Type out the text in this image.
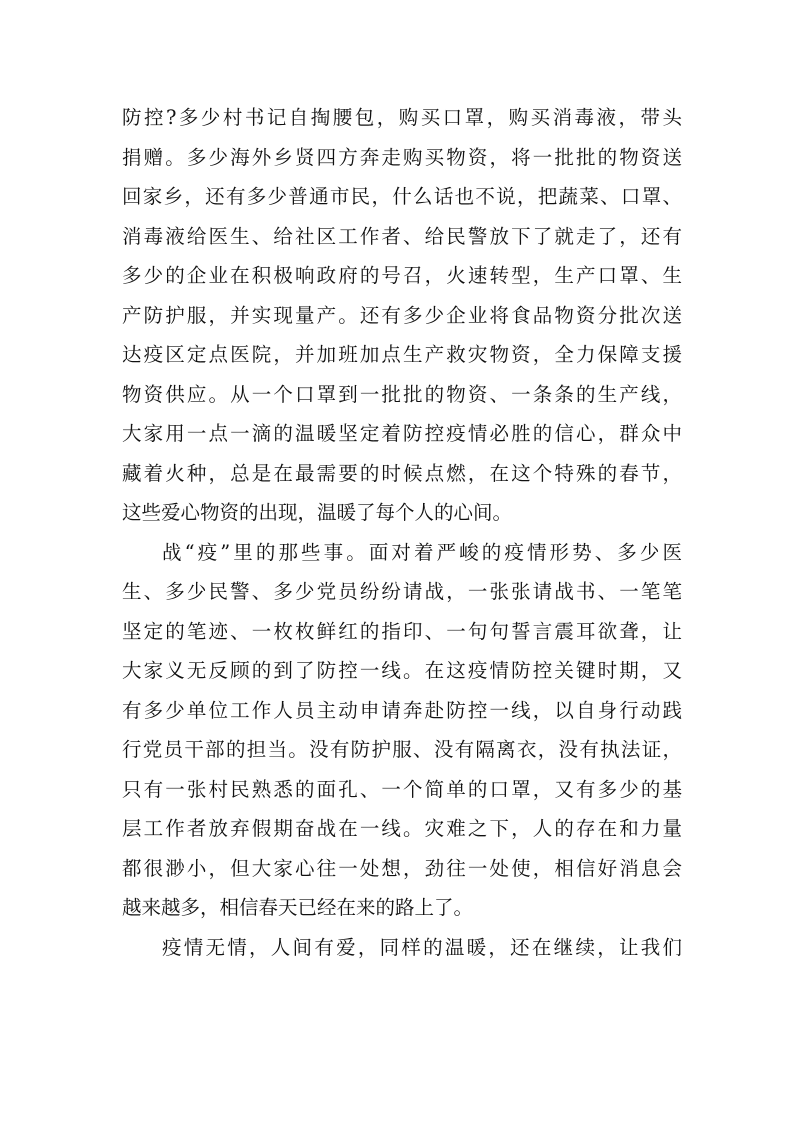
防控?多少村书记自掏腰包，购买口罩，购买消毒液，带头
捐赠。多少海外乡贤四方奔走购买物资，将一批批的物资送
回家乡，还有多少普通市民，什么话也不说，把蔬菜、口罩、
消毒液给医生、给社区工作者、给民警放下了就走了，还有
多少的企业在积极响政府的号召，火速转型，生产口罩、生
产防护服，并实现量产。还有多少企业将食品物资分批次送
达疫区定点医院，并加班加点生产救灾物资，全力保障支援
物资供应。从一个口罩到一批批的物资、一条条的生产线，
大家用一点一滴的温暖坚定着防控疫情必胜的信心，群众中
藏着火种，总是在最需要的时候点燃，在这个特殊的春节，
这些爱心物资的出现，温暖了每个人的心间。
战“疫”里的那些事。面对着严峻的疫情形势、多少医
生、多少民警、多少党员纷纷请战，一张张请战书、一笔笔
坚定的笔迹、一枚枚鲜红的指印、一句句誓言震耳欲聋，让
大家义无反顾的到了防控一线。在这疫情防控关键时期，又
有多少单位工作人员主动申请奔赴防控一线，以自身行动践
行党员干部的担当。没有防护服、没有隔离衣，没有执法证，
只有一张村民熟悉的面孔、一个简单的口罩，又有多少的基
层工作者放弃假期奋战在一线。灾难之下，人的存在和力量
都很渺小，但大家心往一处想，劲往一处使，相信好消息会
越来越多，相信春天已经在来的路上了。
疫情无情，人间有爱，同样的温暖，还在继续，让我们
